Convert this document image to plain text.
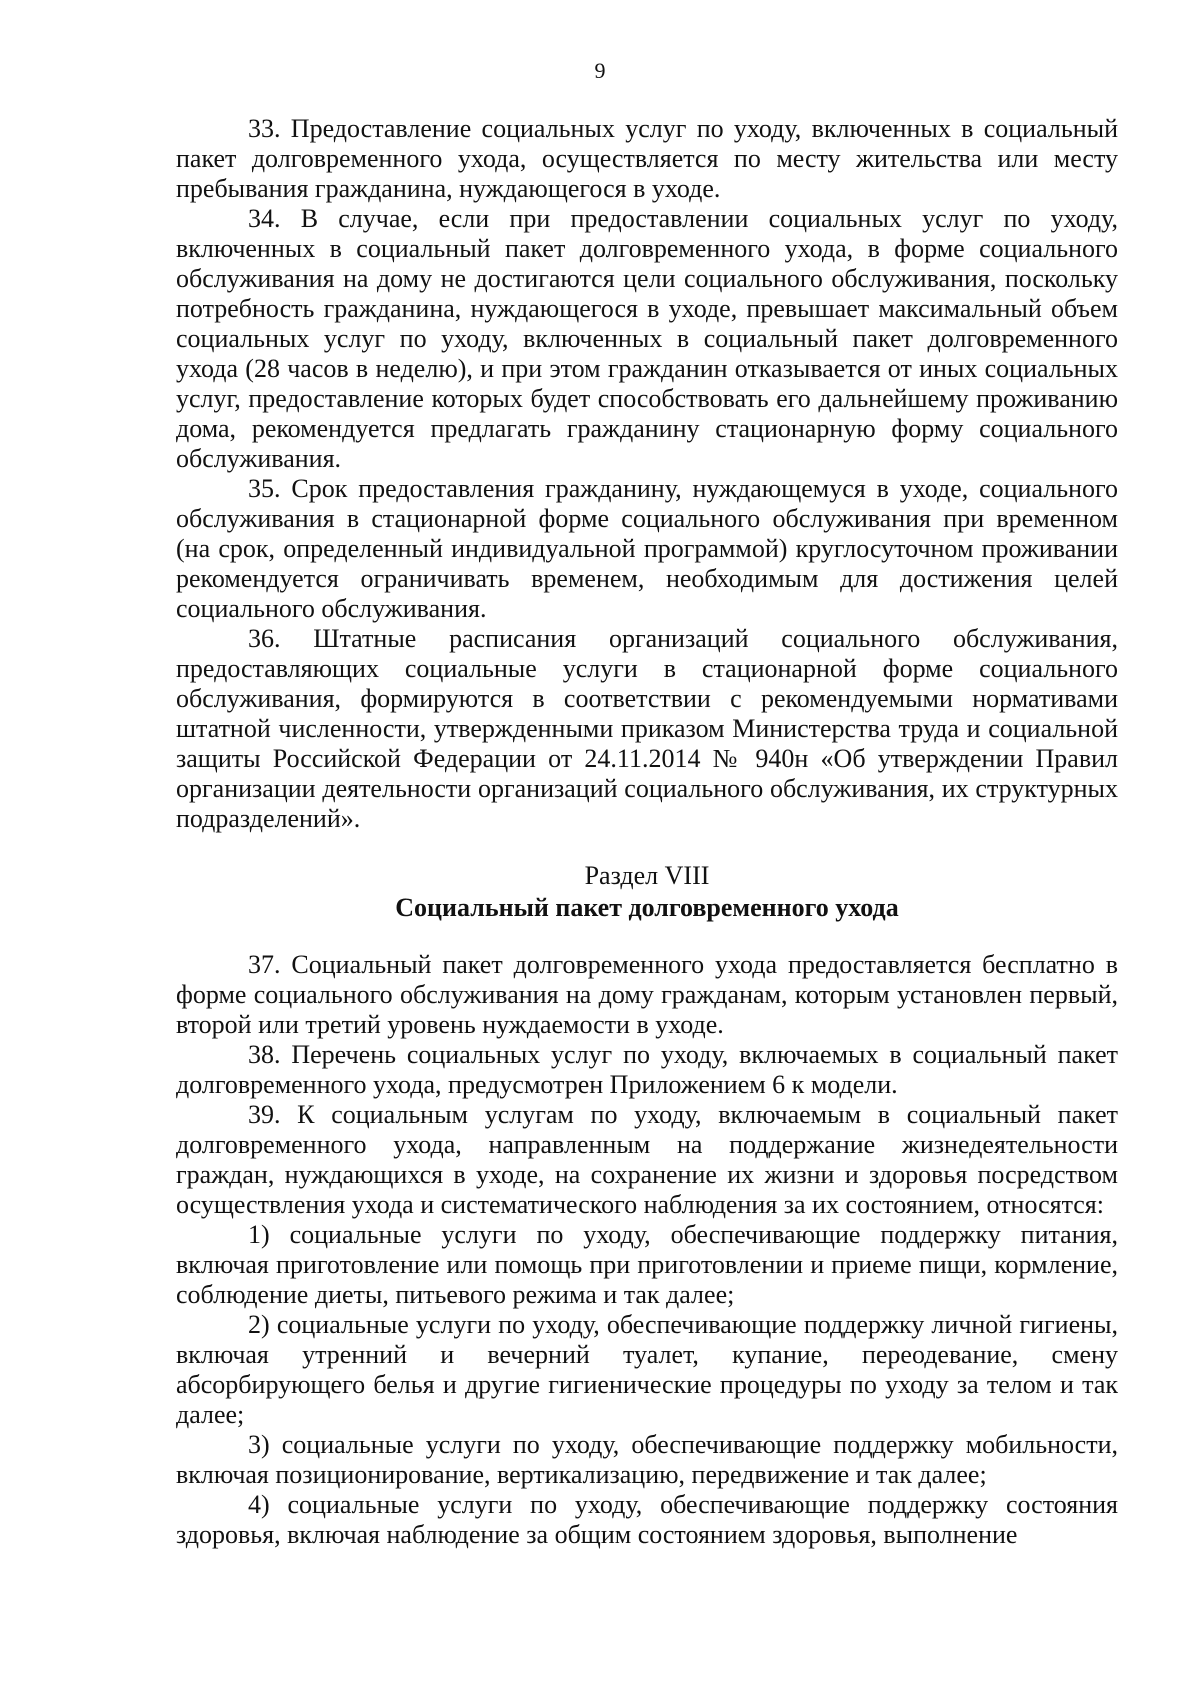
9

33. Предоставление социальных услуг по уходу, включенных в социальный пакет долговременного ухода, осуществляется по месту жительства или месту пребывания гражданина, нуждающегося в уходе.

34. В случае, если при предоставлении социальных услуг по уходу, включенных в социальный пакет долговременного ухода, в форме социального обслуживания на дому не достигаются цели социального обслуживания, поскольку потребность гражданина, нуждающегося в уходе, превышает максимальный объем социальных услуг по уходу, включенных в социальный пакет долговременного ухода (28 часов в неделю), и при этом гражданин отказывается от иных социальных услуг, предоставление которых будет способствовать его дальнейшему проживанию дома, рекомендуется предлагать гражданину стационарную форму социального обслуживания.

35. Срок предоставления гражданину, нуждающемуся в уходе, социального обслуживания в стационарной форме социального обслуживания при временном (на срок, определенный индивидуальной программой) круглосуточном проживании рекомендуется ограничивать временем, необходимым для достижения целей социального обслуживания.

36. Штатные расписания организаций социального обслуживания, предоставляющих социальные услуги в стационарной форме социального обслуживания, формируются в соответствии с рекомендуемыми нормативами штатной численности, утвержденными приказом Министерства труда и социальной защиты Российской Федерации от 24.11.2014 № 940н «Об утверждении Правил организации деятельности организаций социального обслуживания, их структурных подразделений».

Раздел VIII

Социальный пакет долговременного ухода

37. Социальный пакет долговременного ухода предоставляется бесплатно в форме социального обслуживания на дому гражданам, которым установлен первый, второй или третий уровень нуждаемости в уходе.

38. Перечень социальных услуг по уходу, включаемых в социальный пакет долговременного ухода, предусмотрен Приложением 6 к модели.

39. К социальным услугам по уходу, включаемым в социальный пакет долговременного ухода, направленным на поддержание жизнедеятельности граждан, нуждающихся в уходе, на сохранение их жизни и здоровья посредством осуществления ухода и систематического наблюдения за их состоянием, относятся:

1) социальные услуги по уходу, обеспечивающие поддержку питания, включая приготовление или помощь при приготовлении и приеме пищи, кормление, соблюдение диеты, питьевого режима и так далее;

2) социальные услуги по уходу, обеспечивающие поддержку личной гигиены, включая утренний и вечерний туалет, купание, переодевание, смену абсорбирующего белья и другие гигиенические процедуры по уходу за телом и так далее;

3) социальные услуги по уходу, обеспечивающие поддержку мобильности, включая позиционирование, вертикализацию, передвижение и так далее;

4) социальные услуги по уходу, обеспечивающие поддержку состояния здоровья, включая наблюдение за общим состоянием здоровья, выполнение
